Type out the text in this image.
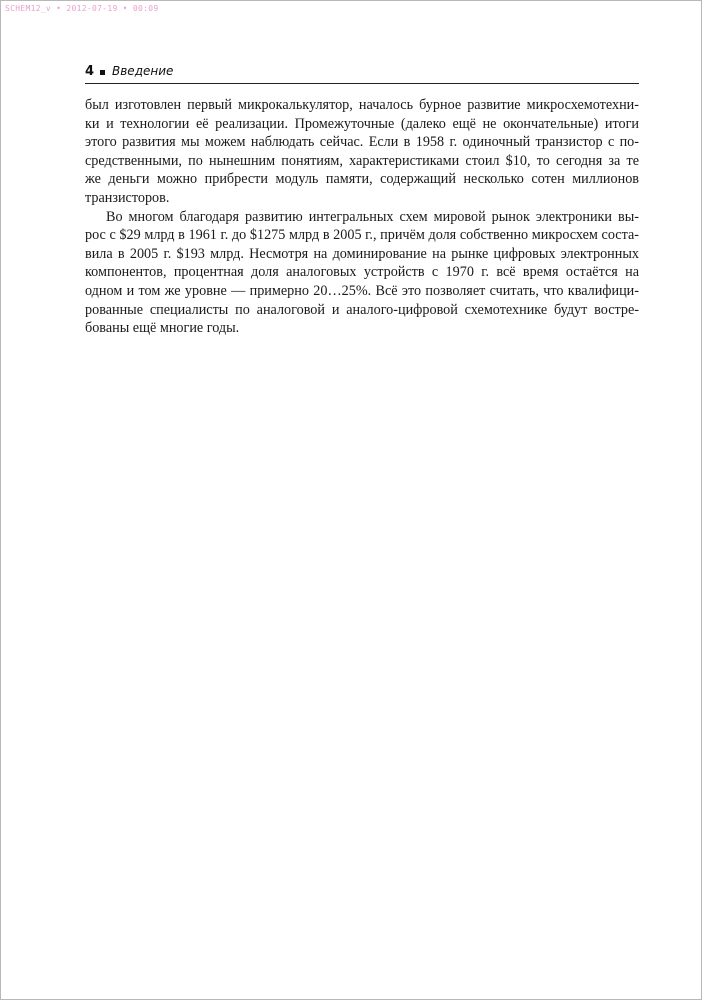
SCHEM12_v • 2012-07-19 • 00:09
4 Введение

был изготовлен первый микрокалькулятор, началось бурное развитие микросхемотехни-
ки и технологии её реализации. Промежуточные (далеко ещё не окончательные) итоги
этого развития мы можем наблюдать сейчас. Если в 1958 г. одиночный транзистор с по-
средственными, по нынешним понятиям, характеристиками стоил $10, то сегодня за те
же деньги можно прибрести модуль памяти, содержащий несколько сотен миллионов
транзисторов.

Во многом благодаря развитию интегральных схем мировой рынок электроники вы-
рос с $29 млрд в 1961 г. до $1275 млрд в 2005 г., причём доля собственно микросхем соста-
вила в 2005 г. $193 млрд. Несмотря на доминирование на рынке цифровых электронных
компонентов, процентная доля аналоговых устройств с 1970 г. всё время остаётся на
одном и том же уровне — примерно 20…25%. Всё это позволяет считать, что квалифици-
рованные специалисты по аналоговой и аналого-цифровой схемотехнике будут востре-
бованы ещё многие годы.
